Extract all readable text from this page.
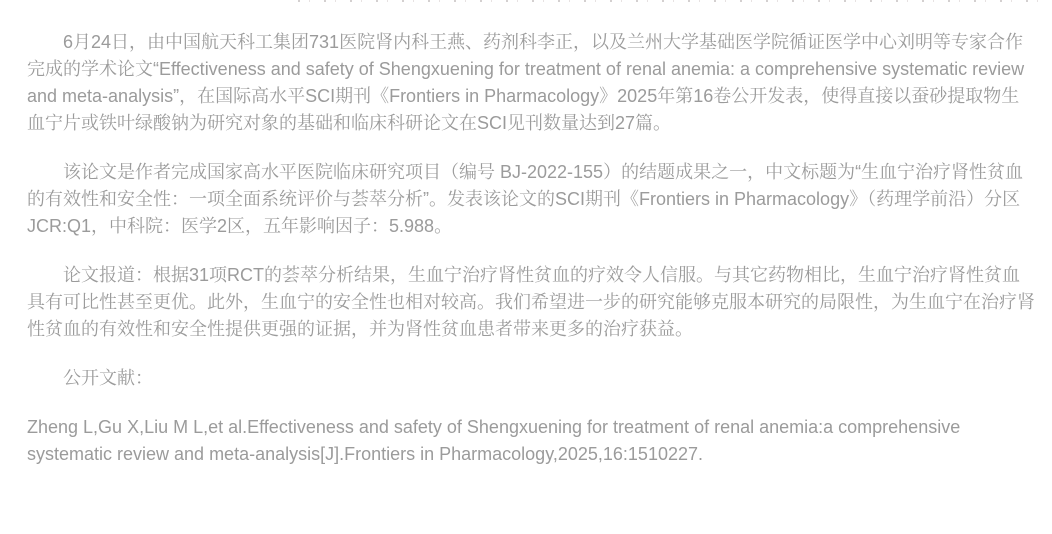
6月24日，由中国航天科工集团731医院肾内科王燕、药剂科李正，以及兰州大学基础医学院循证医学中心刘明等专家合作完成的学术论文“Effectiveness and safety of Shengxuening for treatment of renal anemia: a comprehensive systematic review and meta-analysis”，在国际高水平SCI期刊《Frontiers in Pharmacology》2025年第16卷公开发表，使得直接以蚕砂提取物生血宁片或铁叶绿酸钠为研究对象的基础和临床科研论文在SCI见刊数量达到27篇。

该论文是作者完成国家高水平医院临床研究项目（编号 BJ-2022-155）的结题成果之一，中文标题为“生血宁治疗肾性贫血的有效性和安全性：一项全面系统评价与荟萃分析”。发表该论文的SCI期刊《Frontiers in Pharmacology》（药理学前沿）分区JCR:Q1，中科院：医学2区，五年影响因子：5.988。

论文报道：根据31项RCT的荟萃分析结果，生血宁治疗肾性贫血的疗效令人信服。与其它药物相比，生血宁治疗肾性贫血具有可比性甚至更优。此外，生血宁的安全性也相对较高。我们希望进一步的研究能够克服本研究的局限性，为生血宁在治疗肾性贫血的有效性和安全性提供更强的证据，并为肾性贫血患者带来更多的治疗获益。

公开文献：

Zheng L,Gu X,Liu M L,et al.Effectiveness and safety of Shengxuening for treatment of renal anemia:a comprehensive systematic review and meta-analysis[J].Frontiers in Pharmacology,2025,16:1510227.
